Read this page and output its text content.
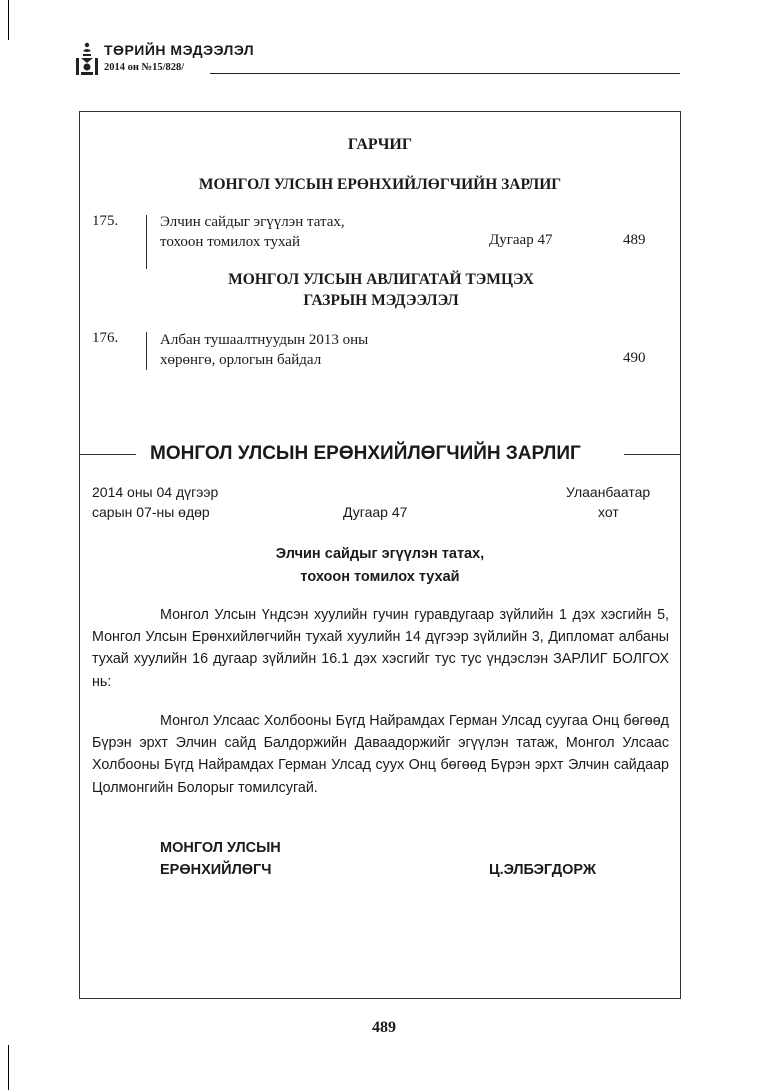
ТӨРИЙН МЭДЭЭЛЭЛ
2014 он №15/828/
ГАРЧИГ
МОНГОЛ УЛСЫН ЕРӨНХИЙЛӨГЧИЙН ЗАРЛИГ
175.	Элчин сайдыг эгүүлэн татах,
тохоон томилох тухай	Дугаар 47	489
МОНГОЛ УЛСЫН АВЛИГАТАЙ ТЭМЦЭХ
ГАЗРЫН МЭДЭЭЛЭЛ
176.	Албан тушаалтнуудын 2013 оны
хөрөнгө, орлогын байдал	490
МОНГОЛ УЛСЫН ЕРӨНХИЙЛӨГЧИЙН ЗАРЛИГ
2014 оны 04 дүгээр
сарын 07-ны өдөр	Дугаар 47
Улаанбаатар
хот
Элчин сайдыг эгүүлэн татах,
тохоон томилох тухай

Монгол Улсын Үндсэн хуулийн гучин гуравдугаар зүйлийн 1 дэх хэсгийн 5, Монгол Улсын Ерөнхийлөгчийн тухай хуулийн 14 дүгээр зүйлийн 3, Дипломат албаны тухай хуулийн 16 дугаар зүйлийн 16.1 дэх хэсгийг тус тус үндэслэн ЗАРЛИГ БОЛГОХ нь:

Монгол Улсаас Холбооны Бүгд Найрамдах Герман Улсад суугаа Онц бөгөөд Бүрэн эрхт Элчин сайд Балдоржийн Даваадоржийг эгүүлэн татаж, Монгол Улсаас Холбооны Бүгд Найрамдах Герман Улсад суух Онц бөгөөд Бүрэн эрхт Элчин сайдаар Цолмонгийн Болорыг томилсугай.

МОНГОЛ УЛСЫН
ЕРӨНХИЙЛӨГЧ	Ц.ЭЛБЭГДОРЖ
489
